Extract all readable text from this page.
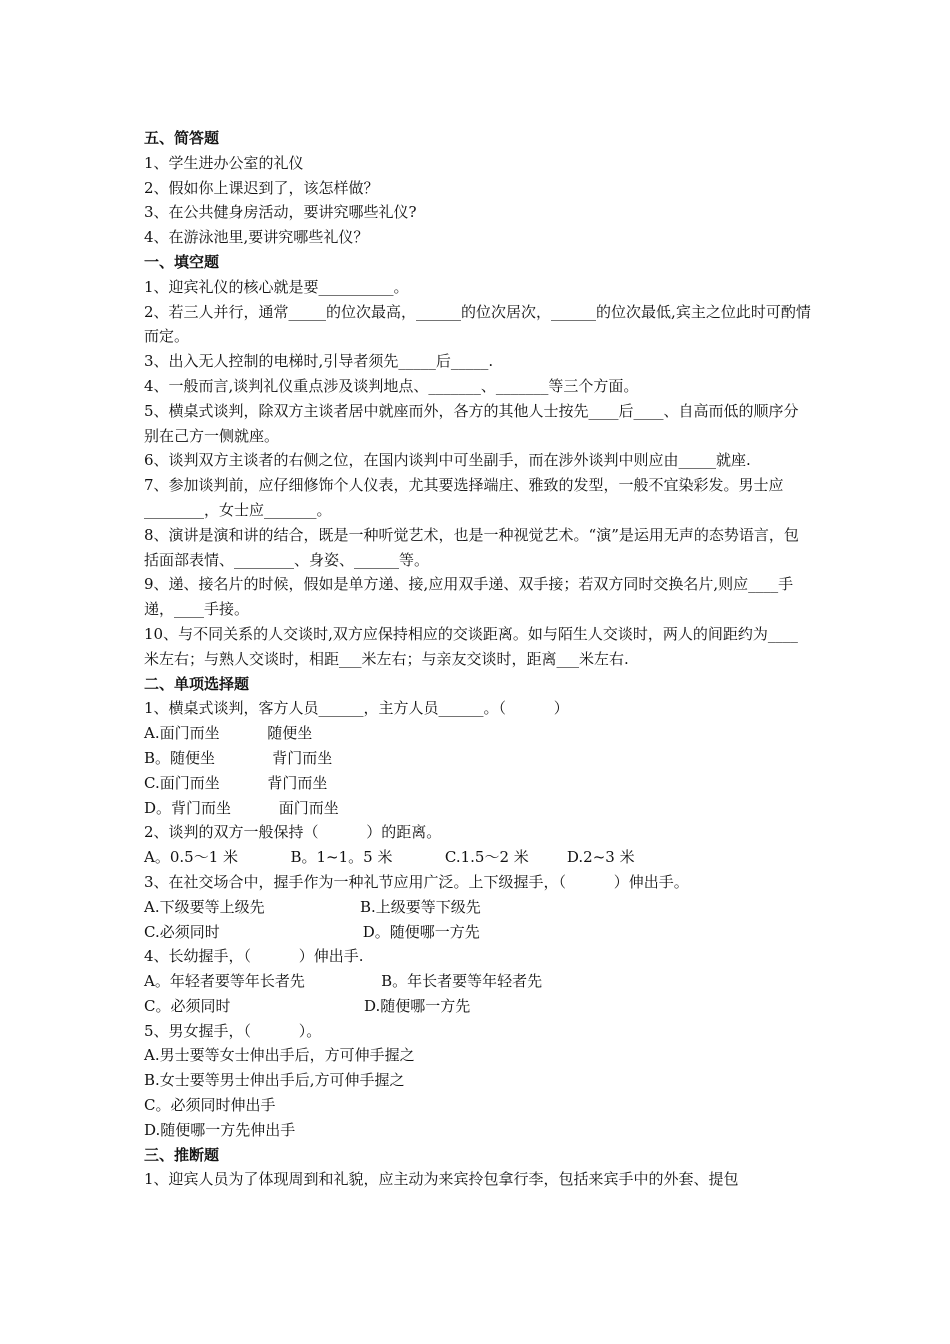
五、简答题
1、学生进办公室的礼仪
2、假如你上课迟到了，该怎样做？
3、在公共健身房活动，要讲究哪些礼仪?
4、在游泳池里,要讲究哪些礼仪？
一、填空题
1、迎宾礼仪的核心就是要__________。
2、若三人并行，通常_____的位次最高，______的位次居次，______的位次最低,宾主之位此时可酌情而定。
3、出入无人控制的电梯时,引导者须先_____后_____.
4、一般而言,谈判礼仪重点涉及谈判地点、_______、_______等三个方面。
5、横桌式谈判，除双方主谈者居中就座而外，各方的其他人士按先____后____、自高而低的顺序分别在己方一侧就座。
6、谈判双方主谈者的右侧之位，在国内谈判中可坐副手，而在涉外谈判中则应由_____就座.
7、参加谈判前，应仔细修饰个人仪表，尤其要选择端庄、雅致的发型，一般不宜染彩发。男士应________，女士应_______。
8、演讲是演和讲的结合，既是一种听觉艺术，也是一种视觉艺术。“演”是运用无声的态势语言，包括面部表情、________、身姿、______等。
9、递、接名片的时候，假如是单方递、接,应用双手递、双手接；若双方同时交换名片,则应____手递，____手接。
10、与不同关系的人交谈时,双方应保持相应的交谈距离。如与陌生人交谈时，两人的间距约为____米左右；与熟人交谈时，相距___米左右；与亲友交谈时，距离___米左右.
二、单项选择题
1、横桌式谈判，客方人员______，主方人员______。（          ）
A.面门而坐          随便坐
B。随便坐            背门而坐
C.面门而坐          背门而坐
D。背门而坐          面门而坐
2、谈判的双方一般保持（          ）的距离。
A。0.5～1 米           B。1~1。5 米           C.1.5～2 米        D.2~3 米
3、在社交场合中，握手作为一种礼节应用广泛。上下级握手，（          ）伸出手。
A.下级要等上级先                    B.上级要等下级先
C.必须同时                              D。随便哪一方先
4、长幼握手，（          ）伸出手.
A。年轻者要等年长者先                B。年长者要等年轻者先
C。必须同时                            D.随便哪一方先
5、男女握手，（          ）。
A.男士要等女士伸出手后，方可伸手握之
B.女士要等男士伸出手后,方可伸手握之
C。必须同时伸出手
D.随便哪一方先伸出手
三、推断题
1、迎宾人员为了体现周到和礼貌，应主动为来宾拎包拿行李，包括来宾手中的外套、提包
